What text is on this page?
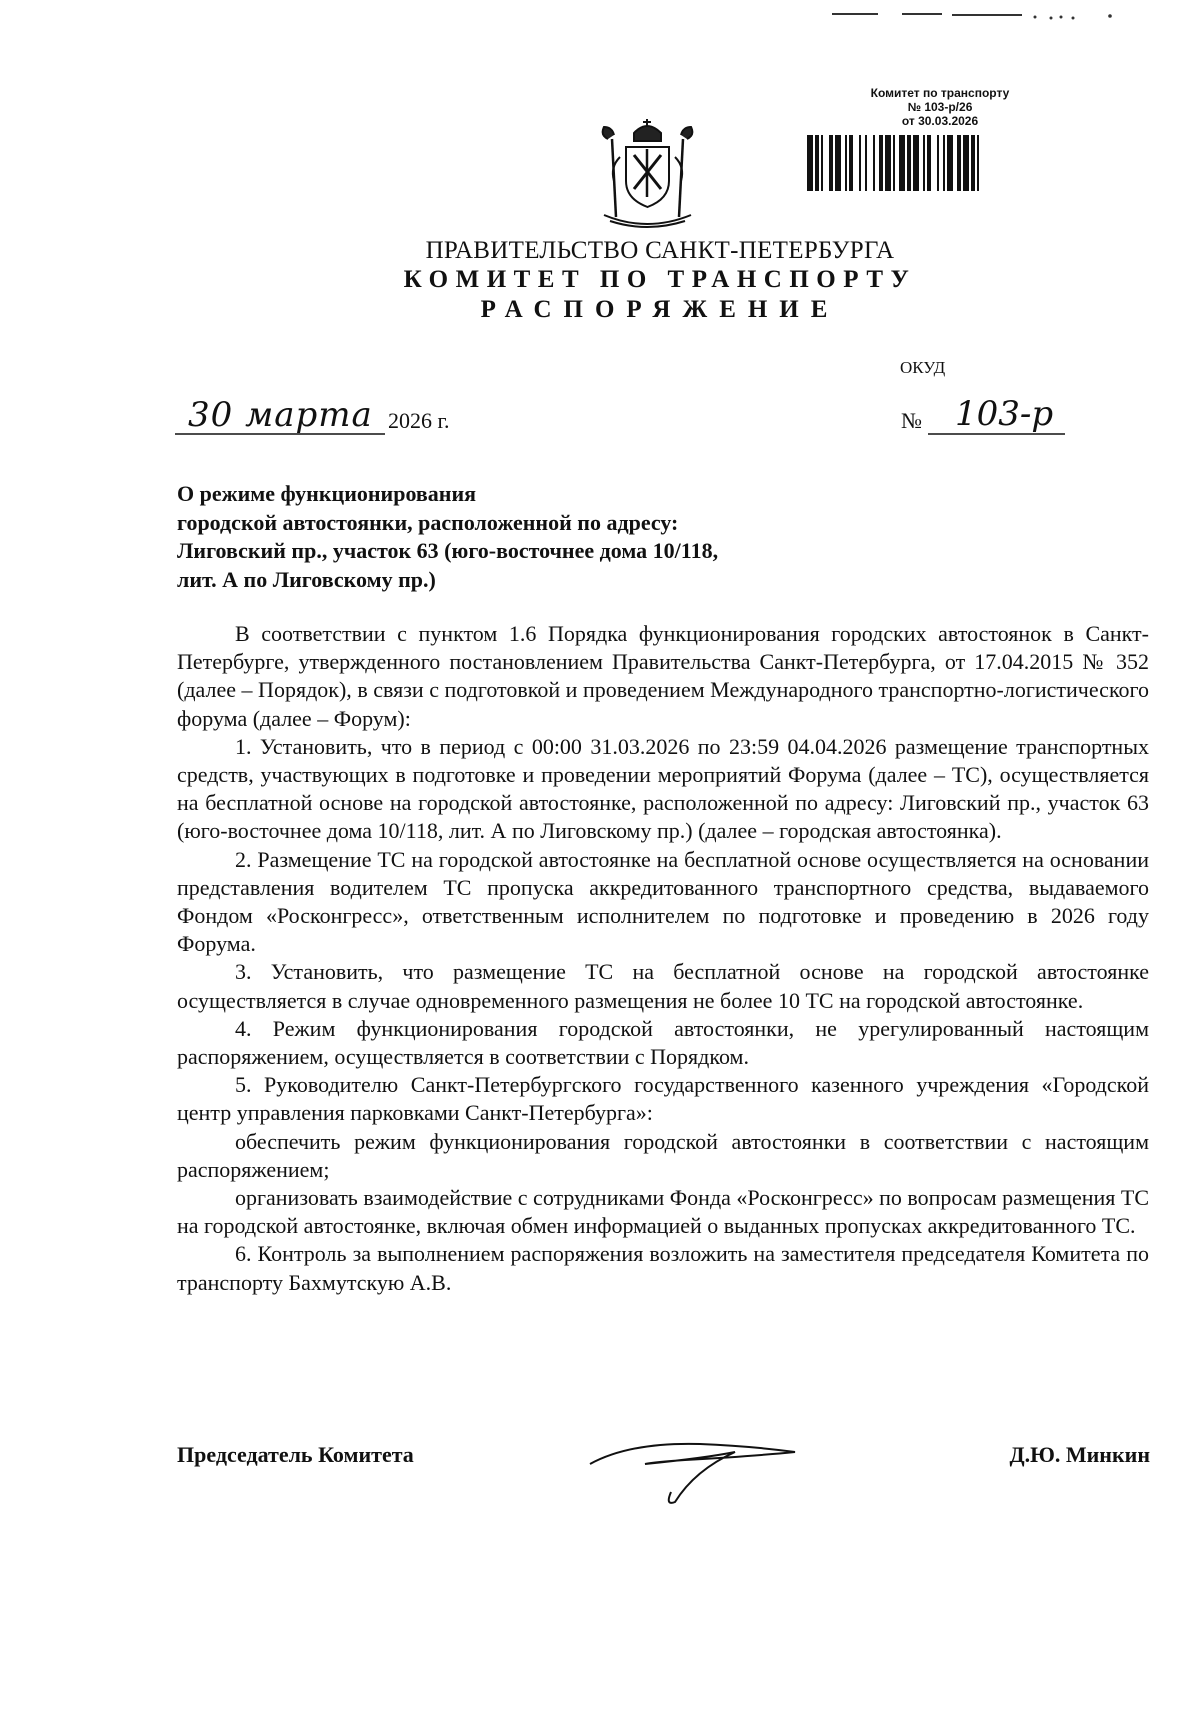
Комитет по транспорту
№ 103-р/26
от 30.03.2026
ПРАВИТЕЛЬСТВО САНКТ-ПЕТЕРБУРГА
КОМИТЕТ ПО ТРАНСПОРТУ
РАСПОРЯЖЕНИЕ
ОКУД
30 марта 2026 г.	№ 103-р
О режиме функционирования
городской автостоянки, расположенной по адресу:
Лиговский пр., участок 63 (юго-восточнее дома 10/118,
лит. А по Лиговскому пр.)

В соответствии с пунктом 1.6 Порядка функционирования городских автостоянок в Санкт-Петербурге, утвержденного постановлением Правительства Санкт-Петербурга, от 17.04.2015 № 352 (далее – Порядок), в связи с подготовкой и проведением Международного транспортно-логистического форума (далее – Форум):

1. Установить, что в период с 00:00 31.03.2026 по 23:59 04.04.2026 размещение транспортных средств, участвующих в подготовке и проведении мероприятий Форума (далее – ТС), осуществляется на бесплатной основе на городской автостоянке, расположенной по адресу: Лиговский пр., участок 63 (юго-восточнее дома 10/118, лит. А по Лиговскому пр.) (далее – городская автостоянка).

2. Размещение ТС на городской автостоянке на бесплатной основе осуществляется на основании представления водителем ТС пропуска аккредитованного транспортного средства, выдаваемого Фондом «Росконгресс», ответственным исполнителем по подготовке и проведению в 2026 году Форума.

3. Установить, что размещение ТС на бесплатной основе на городской автостоянке осуществляется в случае одновременного размещения не более 10 ТС на городской автостоянке.

4. Режим функционирования городской автостоянки, не урегулированный настоящим распоряжением, осуществляется в соответствии с Порядком.

5. Руководителю Санкт-Петербургского государственного казенного учреждения «Городской центр управления парковками Санкт-Петербурга»:

обеспечить режим функционирования городской автостоянки в соответствии с настоящим распоряжением;

организовать взаимодействие с сотрудниками Фонда «Росконгресс» по вопросам размещения ТС на городской автостоянке, включая обмен информацией о выданных пропусках аккредитованного ТС.

6. Контроль за выполнением распоряжения возложить на заместителя председателя Комитета по транспорту Бахмутскую А.В.

Председатель Комитета	Д.Ю. Минкин
